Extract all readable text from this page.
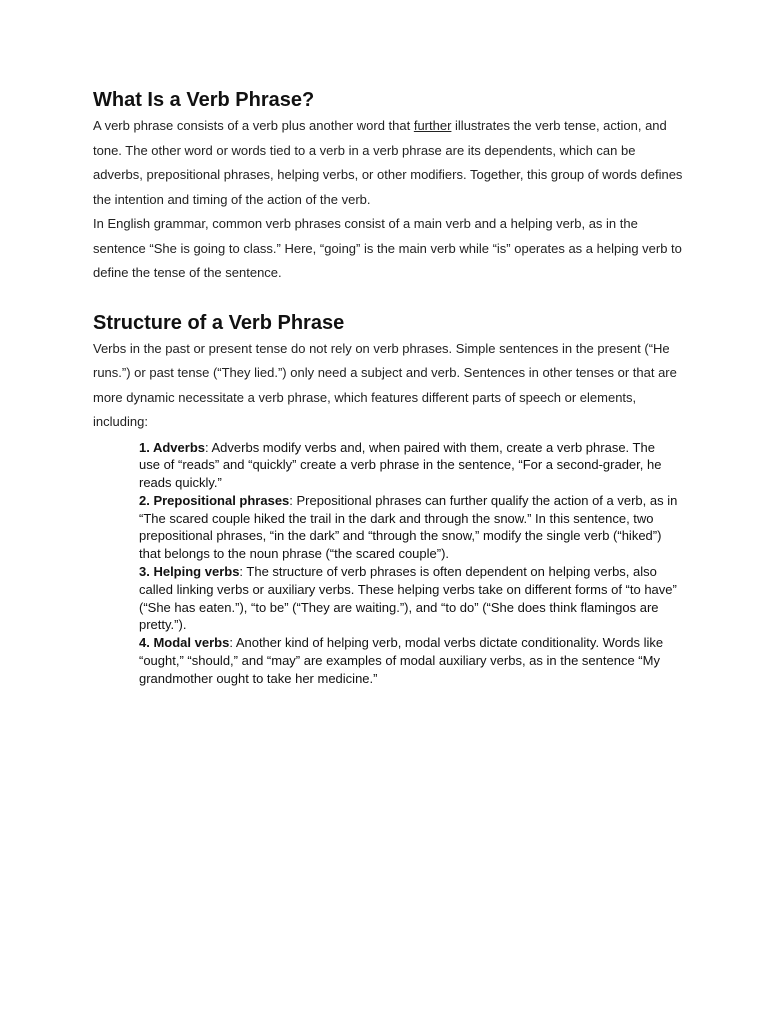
What Is a Verb Phrase?

A verb phrase consists of a verb plus another word that further illustrates the verb tense, action, and tone. The other word or words tied to a verb in a verb phrase are its dependents, which can be adverbs, prepositional phrases, helping verbs, or other modifiers. Together, this group of words defines the intention and timing of the action of the verb.

In English grammar, common verb phrases consist of a main verb and a helping verb, as in the sentence “She is going to class.” Here, “going” is the main verb while “is” operates as a helping verb to define the tense of the sentence.

Structure of a Verb Phrase

Verbs in the past or present tense do not rely on verb phrases. Simple sentences in the present (“He runs.”) or past tense (“They lied.”) only need a subject and verb. Sentences in other tenses or that are more dynamic necessitate a verb phrase, which features different parts of speech or elements, including:

1. Adverbs: Adverbs modify verbs and, when paired with them, create a verb phrase. The use of “reads” and “quickly” create a verb phrase in the sentence, “For a second-grader, he reads quickly.”
2. Prepositional phrases: Prepositional phrases can further qualify the action of a verb, as in “The scared couple hiked the trail in the dark and through the snow.” In this sentence, two prepositional phrases, “in the dark” and “through the snow,” modify the single verb (“hiked”) that belongs to the noun phrase (“the scared couple”).
3. Helping verbs: The structure of verb phrases is often dependent on helping verbs, also called linking verbs or auxiliary verbs. These helping verbs take on different forms of “to have” (“She has eaten.”), “to be” (“They are waiting.”), and “to do” (“She does think flamingos are pretty.”).
4. Modal verbs: Another kind of helping verb, modal verbs dictate conditionality. Words like “ought,” “should,” and “may” are examples of modal auxiliary verbs, as in the sentence “My grandmother ought to take her medicine.”
